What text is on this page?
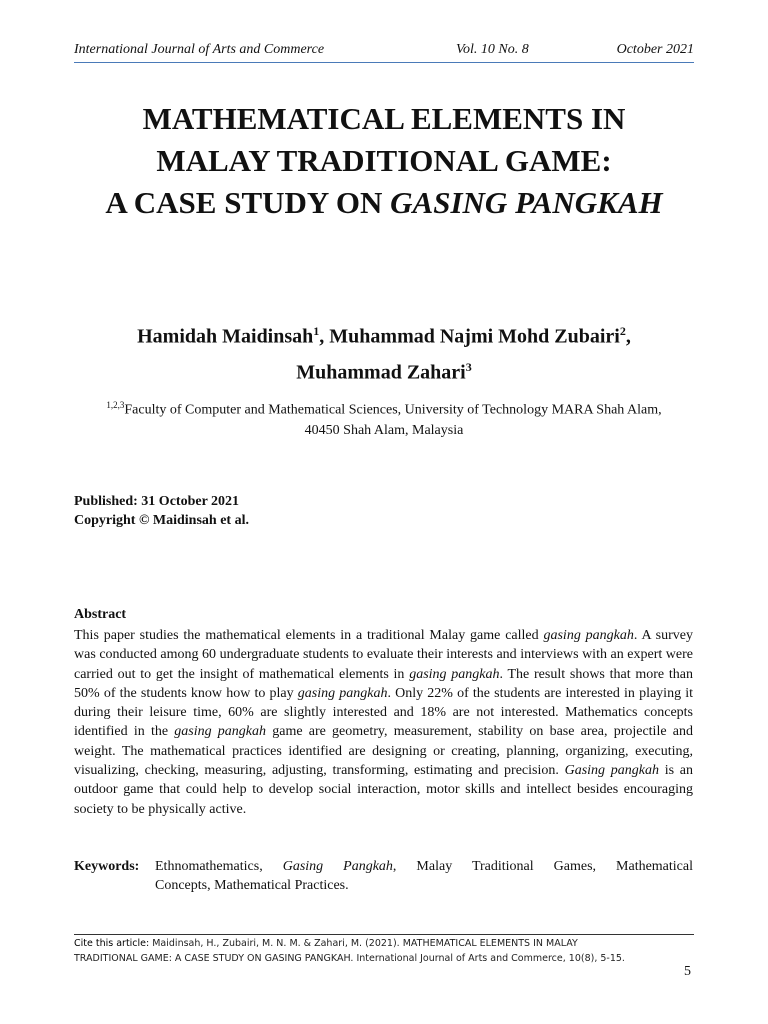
International Journal of Arts and Commerce	Vol. 10 No. 8	October 2021
MATHEMATICAL ELEMENTS IN
MALAY TRADITIONAL GAME:
A CASE STUDY ON GASING PANGKAH
Hamidah Maidinsah$^1$, Muhammad Najmi Mohd Zubairi$^2$,
Muhammad Zahari$^3$
$^{1,2,3}$Faculty of Computer and Mathematical Sciences, University of Technology MARA Shah Alam,
40450 Shah Alam, Malaysia
Published: 31 October 2021
Copyright © Maidinsah et al.
Abstract
This paper studies the mathematical elements in a traditional Malay game called gasing pangkah. A survey was conducted among 60 undergraduate students to evaluate their interests and interviews with an expert were carried out to get the insight of mathematical elements in gasing pangkah. The result shows that more than 50% of the students know how to play gasing pangkah. Only 22% of the students are interested in playing it during their leisure time, 60% are slightly interested and 18% are not interested. Mathematics concepts identified in the gasing pangkah game are geometry, measurement, stability on base area, projectile and weight. The mathematical practices identified are designing or creating, planning, organizing, executing, visualizing, checking, measuring, adjusting, transforming, estimating and precision. Gasing pangkah is an outdoor game that could help to develop social interaction, motor skills and intellect besides encouraging society to be physically active.
Keywords: Ethnomathematics, Gasing Pangkah, Malay Traditional Games, Mathematical
Concepts, Mathematical Practices.
Cite this article: Maidinsah, H., Zubairi, M. N. M. & Zahari, M. (2021). MATHEMATICAL ELEMENTS IN MALAY
TRADITIONAL GAME: A CASE STUDY ON GASING PANGKAH. International Journal of Arts and Commerce, 10(8), 5-15.
5
